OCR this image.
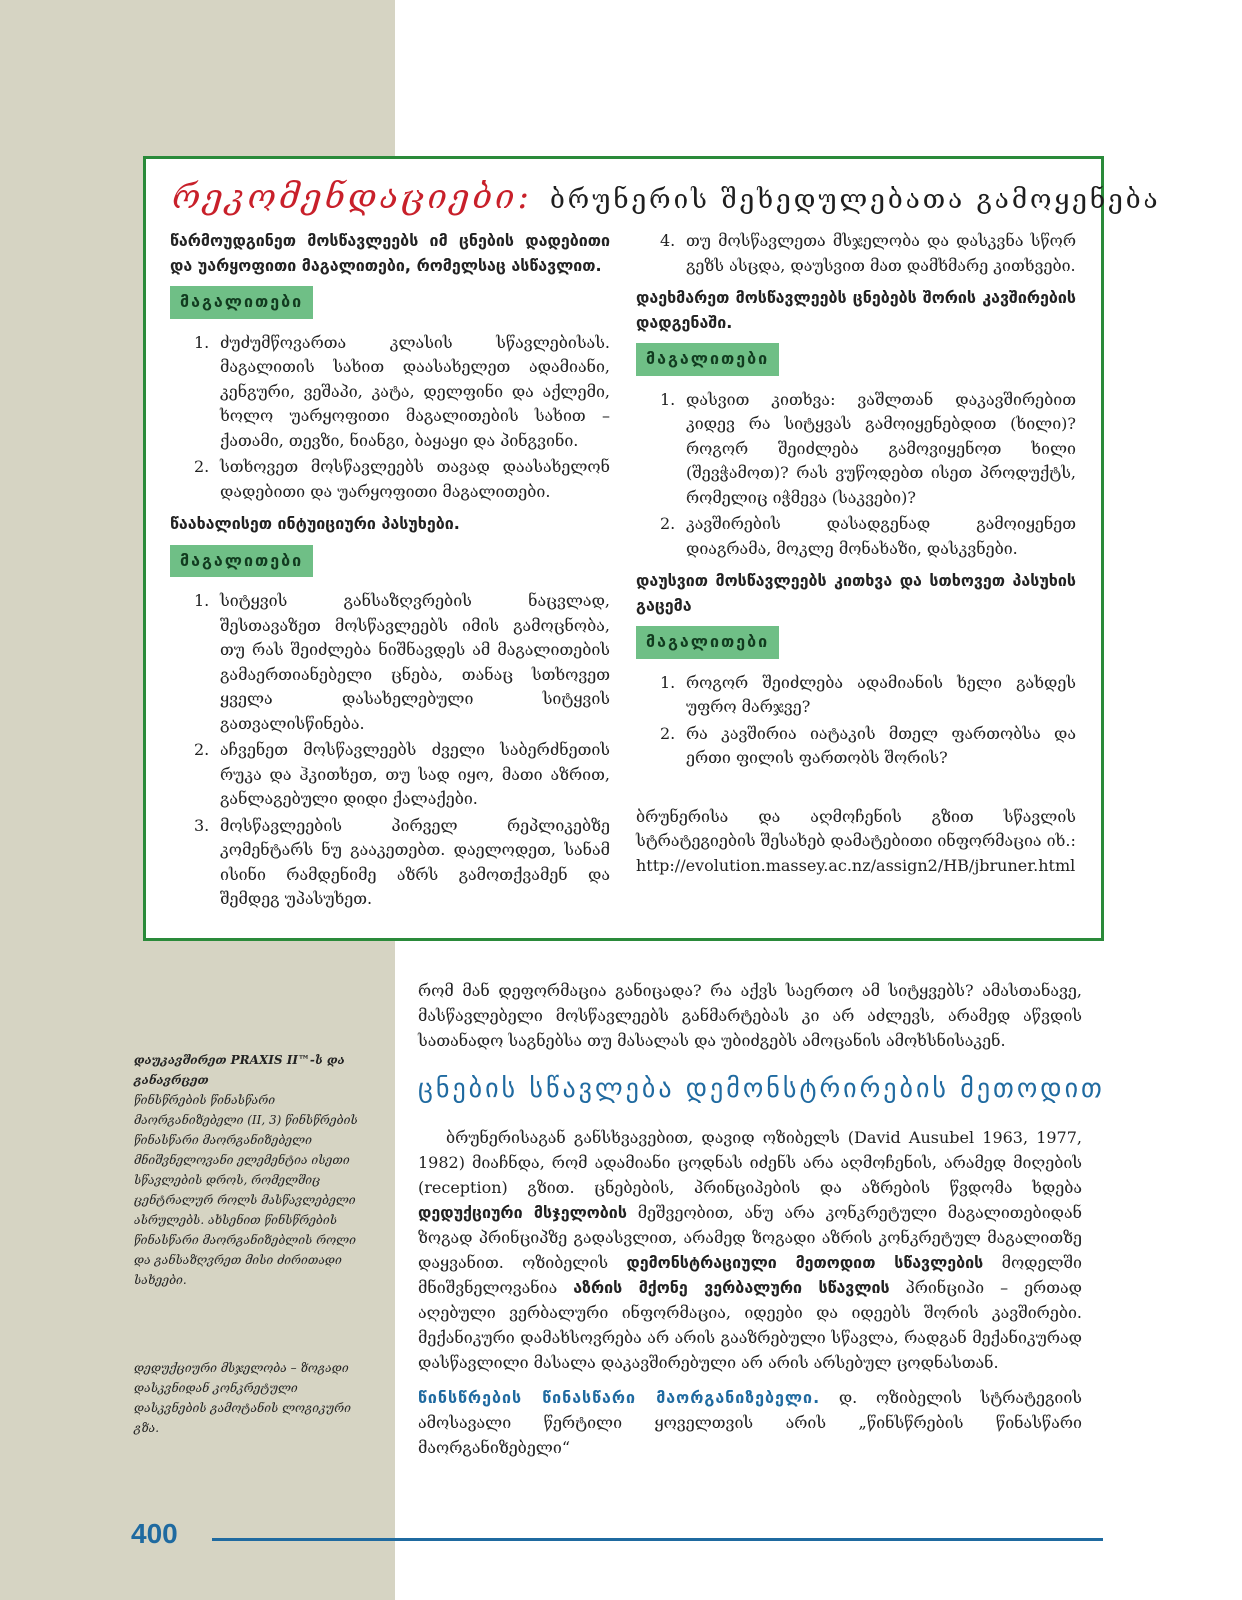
რეკომენდაციები: ბრუნერის შეხედულებათა გამოყენება

წარმოუდგინეთ მოსწავლეებს იმ ცნების დადებითი და უარყოფითი მაგალითები, რომელსაც ასწავლით.

მაგალითები
1. ძუძუმწოვართა კლასის სწავლებისას. მაგალითის სახით დაასახელეთ ადამიანი, კენგური, ვეშაპი, კატა, დელფინი და აქლემი, ხოლო უარყოფითი მაგალითების სახით – ქათამი, თევზი, ნიანგი, ბაყაყი და პინგვინი.
2. სთხოვეთ მოსწავლეებს თავად დაასახელონ დადებითი და უარყოფითი მაგალითები.

წაახალისეთ ინტუიციური პასუხები.

მაგალითები
1. სიტყვის განსაზღვრების ნაცვლად, შესთავაზეთ მოსწავლეებს იმის გამოცნობა, თუ რას შეიძლება ნიშნავდეს ამ მაგალითების გამაერთიანებელი ცნება, თანაც სთხოვეთ ყველა დასახელებული სიტყვის გათვალისწინება.
2. აჩვენეთ მოსწავლეებს ძველი საბერძნეთის რუკა და ჰკითხეთ, თუ სად იყო, მათი აზრით, განლაგებული დიდი ქალაქები.
3. მოსწავლეების პირველ რეპლიკებზე კომენტარს ნუ გააკეთებთ. დაელოდეთ, სანამ ისინი რამდენიმე აზრს გამოთქვამენ და შემდეგ უპასუხეთ.
4. თუ მოსწავლეთა მსჯელობა და დასკვნა სწორ გეზს ასცდა, დაუსვით მათ დამხმარე კითხვები.

დაეხმარეთ მოსწავლეებს ცნებებს შორის კავშირების დადგენაში.

მაგალითები
1. დასვით კითხვა: ვაშლთან დაკავშირებით კიდევ რა სიტყვას გამოიყენებდით (ხილი)? როგორ შეიძლება გამოვიყენოთ ხილი (შევჭამოთ)? რას ვუწოდებთ ისეთ პროდუქტს, რომელიც იჭმევა (საკვები)?
2. კავშირების დასადგენად გამოიყენეთ დიაგრამა, მოკლე მონახაზი, დასკვნები.

დაუსვით მოსწავლეებს კითხვა და სთხოვეთ პასუხის გაცემა

მაგალითები
1. როგორ შეიძლება ადამიანის ხელი გახდეს უფრო მარჯვე?
2. რა კავშირია იატაკის მთელ ფართობსა და ერთი ფილის ფართობს შორის?
ბრუნერისა და აღმოჩენის გზით სწავლის სტრატეგიების შესახებ დამატებითი ინფორმაცია იხ.:
http://evolution.massey.ac.nz/assign2/HB/jbruner.html
რომ მან დეფორმაცია განიცადა? რა აქვს საერთო ამ სიტყვებს? ამასთანავე, მასწავლებელი მოსწავლეებს განმარტებას კი არ აძლევს, არამედ აწვდის სათანადო საგნებსა თუ მასალას და უბიძგებს ამოცანის ამოხსნისაკენ.
ცნების სწავლება დემონსტრირების მეთოდით
ბრუნერისაგან განსხვავებით, დავიდ ოზიბელს (David Ausubel 1963, 1977, 1982) მიაჩნდა, რომ ადამიანი ცოდნას იძენს არა აღმოჩენის, არამედ მიღების (reception) გზით. ცნებების, პრინციპების და აზრების წვდომა ხდება დედუქციური მსჯელობის მეშვეობით, ანუ არა კონკრეტული მაგალითებიდან ზოგად პრინციპზე გადასვლით, არამედ ზოგადი აზრის კონკრეტულ მაგალითზე დაყვანით. ოზიბელის დემონსტრაციული მეთოდით სწავლების მოდელში მნიშვნელოვანია აზრის მქონე ვერბალური სწავლის პრინციპი – ერთად აღებული ვერბალური ინფორმაცია, იდეები და იდეებს შორის კავშირები. მექანიკური დამახსოვრება არ არის გააზრებული სწავლა, რადგან მექანიკურად დასწავლილი მასალა დაკავშირებული არ არის არსებულ ცოდნასთან.
წინსწრების წინასწარი მაორგანიზებელი. დ. ოზიბელის სტრატეგიის ამოსავალი წერტილი ყოველთვის არის „წინსწრების წინასწარი მაორგანიზებელი“
დაუკავშირეთ PRAXIS II™-ს და განავრცეთ
წინსწრების წინასწარი მაორგანიზებელი (II, 3) წინსწრების წინასწარი მაორგანიზებელი მნიშვნელოვანი ელემენტია ისეთი სწავლების დროს, რომელშიც ცენტრალურ როლს მასწავლებელი ასრულებს. ახსენით წინსწრების წინასწარი მაორგანიზებლის როლი და განსაზღვრეთ მისი ძირითადი სახეები.
დედუქციური მსჯელობა – ზოგადი დასკვნიდან კონკრეტული დასკვნების გამოტანის ლოგიკური გზა.
400
